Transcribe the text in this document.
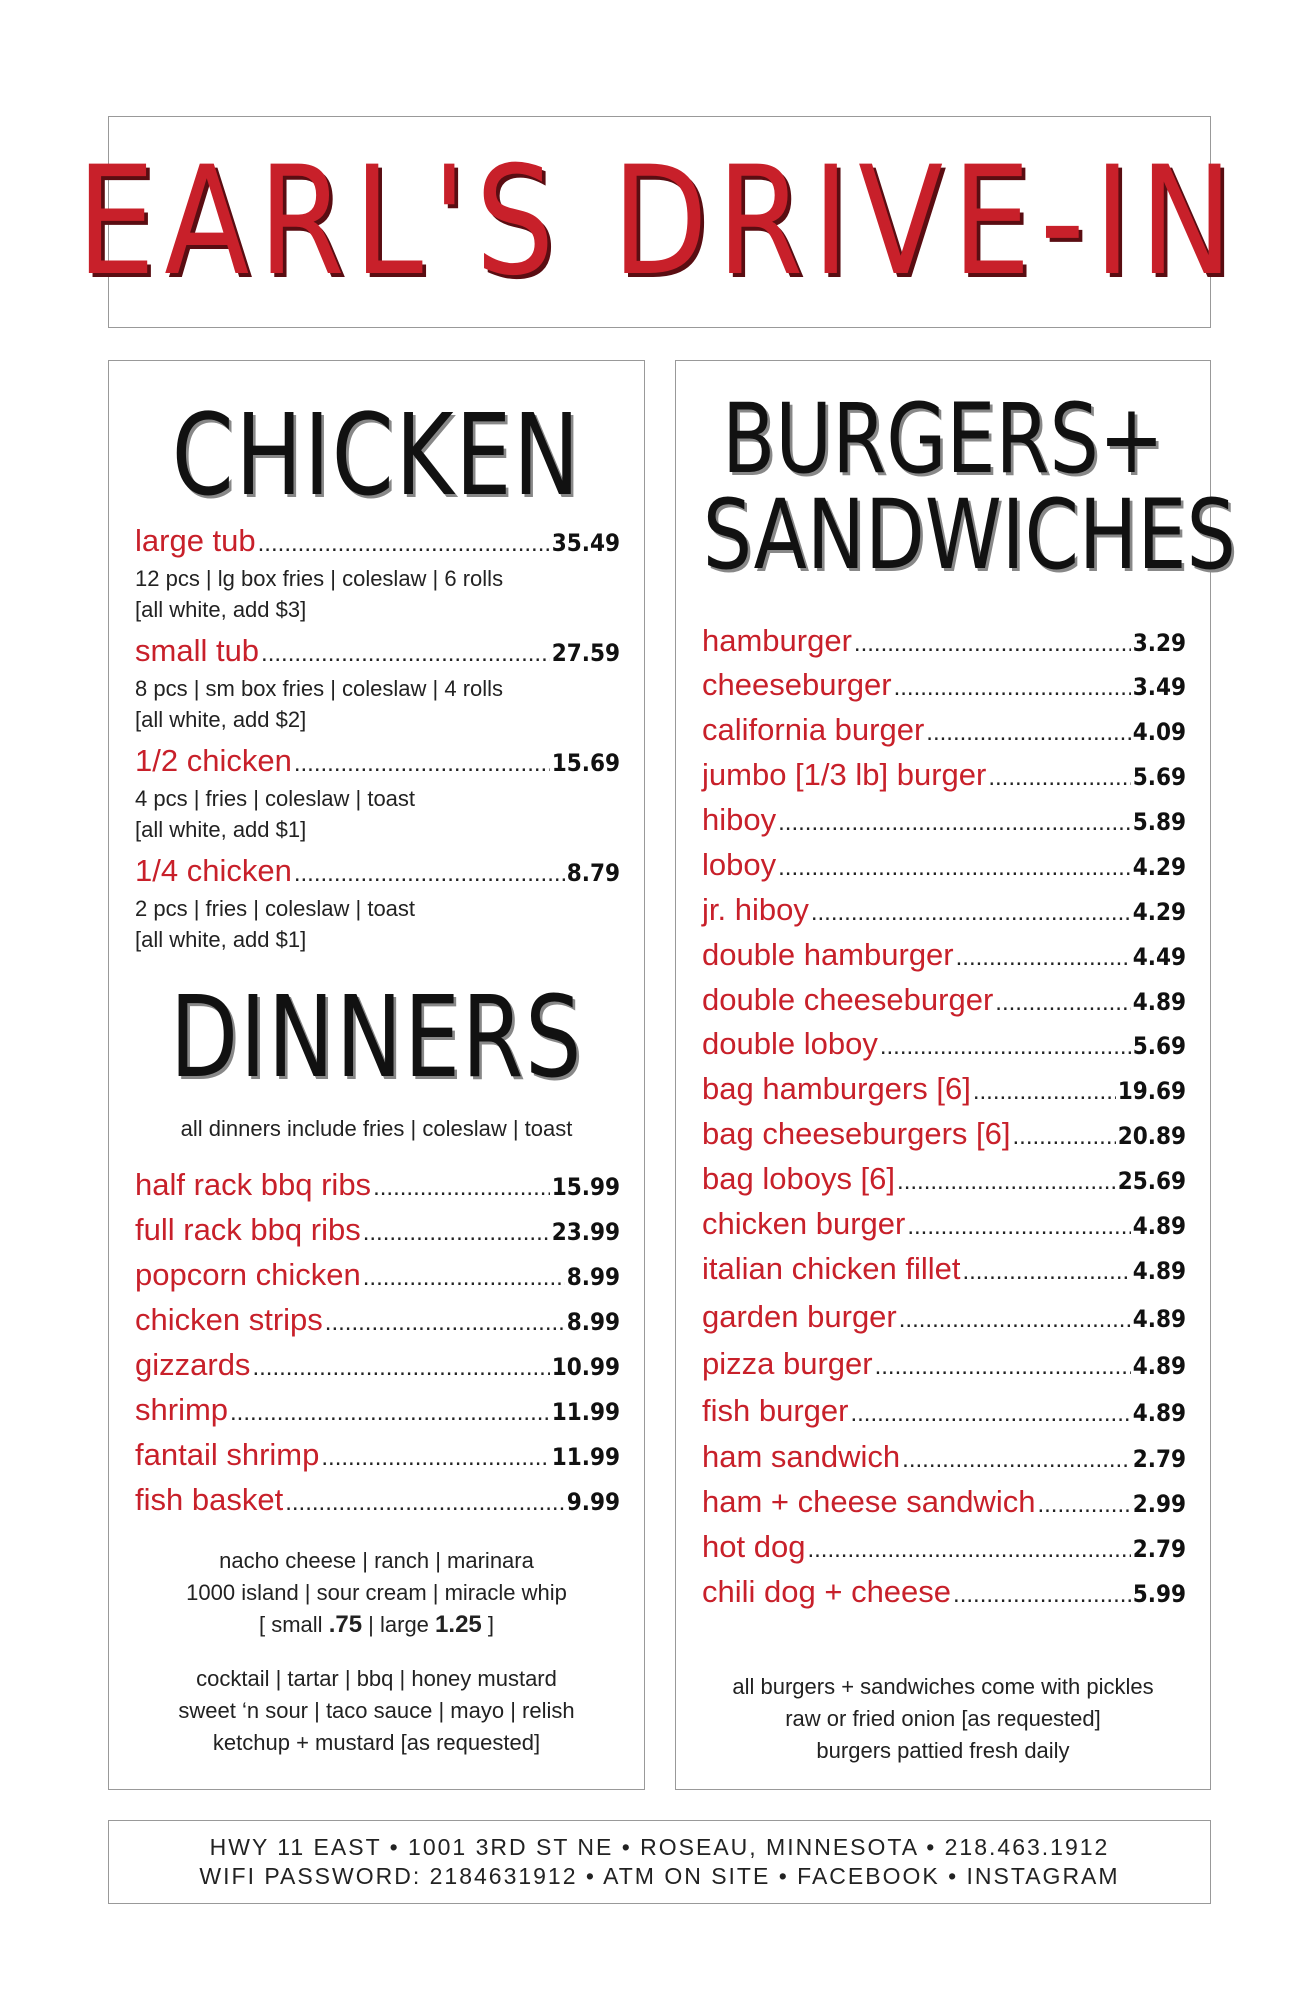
EARL'S DRIVE-IN
CHICKEN
large tub .....	35.49
12 pcs | lg box fries | coleslaw | 6 rolls
[all white, add $3]
small tub .....	27.59
8 pcs | sm box fries | coleslaw | 4 rolls
[all white, add $2]
1/2 chicken .....	15.69
4 pcs | fries | coleslaw | toast
[all white, add $1]
1/4 chicken .....	8.79
2 pcs | fries | coleslaw | toast
[all white, add $1]
DINNERS
all dinners include fries | coleslaw | toast
half rack bbq ribs .....	15.99
full rack bbq ribs .....	23.99
popcorn chicken .....	8.99
chicken strips .....	8.99
gizzards .....	10.99
shrimp .....	11.99
fantail shrimp .....	11.99
fish basket .....	9.99
nacho cheese | ranch | marinara
1000 island | sour cream | miracle whip
[ small .75 | large 1.25 ]
cocktail | tartar | bbq | honey mustard
sweet ‘n sour | taco sauce | mayo | relish
ketchup + mustard [as requested]
BURGERS+
SANDWICHES
hamburger .....	3.29
cheeseburger .....	3.49
california burger .....	4.09
jumbo [1/3 lb] burger .....	5.69
hiboy .....	5.89
loboy .....	4.29
jr. hiboy .....	4.29
double hamburger .....	4.49
double cheeseburger .....	4.89
double loboy .....	5.69
bag hamburgers [6] .....	19.69
bag cheeseburgers [6] .....	20.89
bag loboys [6] .....	25.69
chicken burger .....	4.89
italian chicken fillet .....	4.89
garden burger .....	4.89
pizza burger .....	4.89
fish burger .....	4.89
ham sandwich .....	2.79
ham + cheese sandwich .....	2.99
hot dog .....	2.79
chili dog + cheese .....	5.99
all burgers + sandwiches come with pickles
raw or fried onion [as requested]
burgers pattied fresh daily
HWY 11 EAST • 1001 3RD ST NE • ROSEAU, MINNESOTA • 218.463.1912
WIFI PASSWORD: 2184631912 • ATM ON SITE • FACEBOOK • INSTAGRAM
